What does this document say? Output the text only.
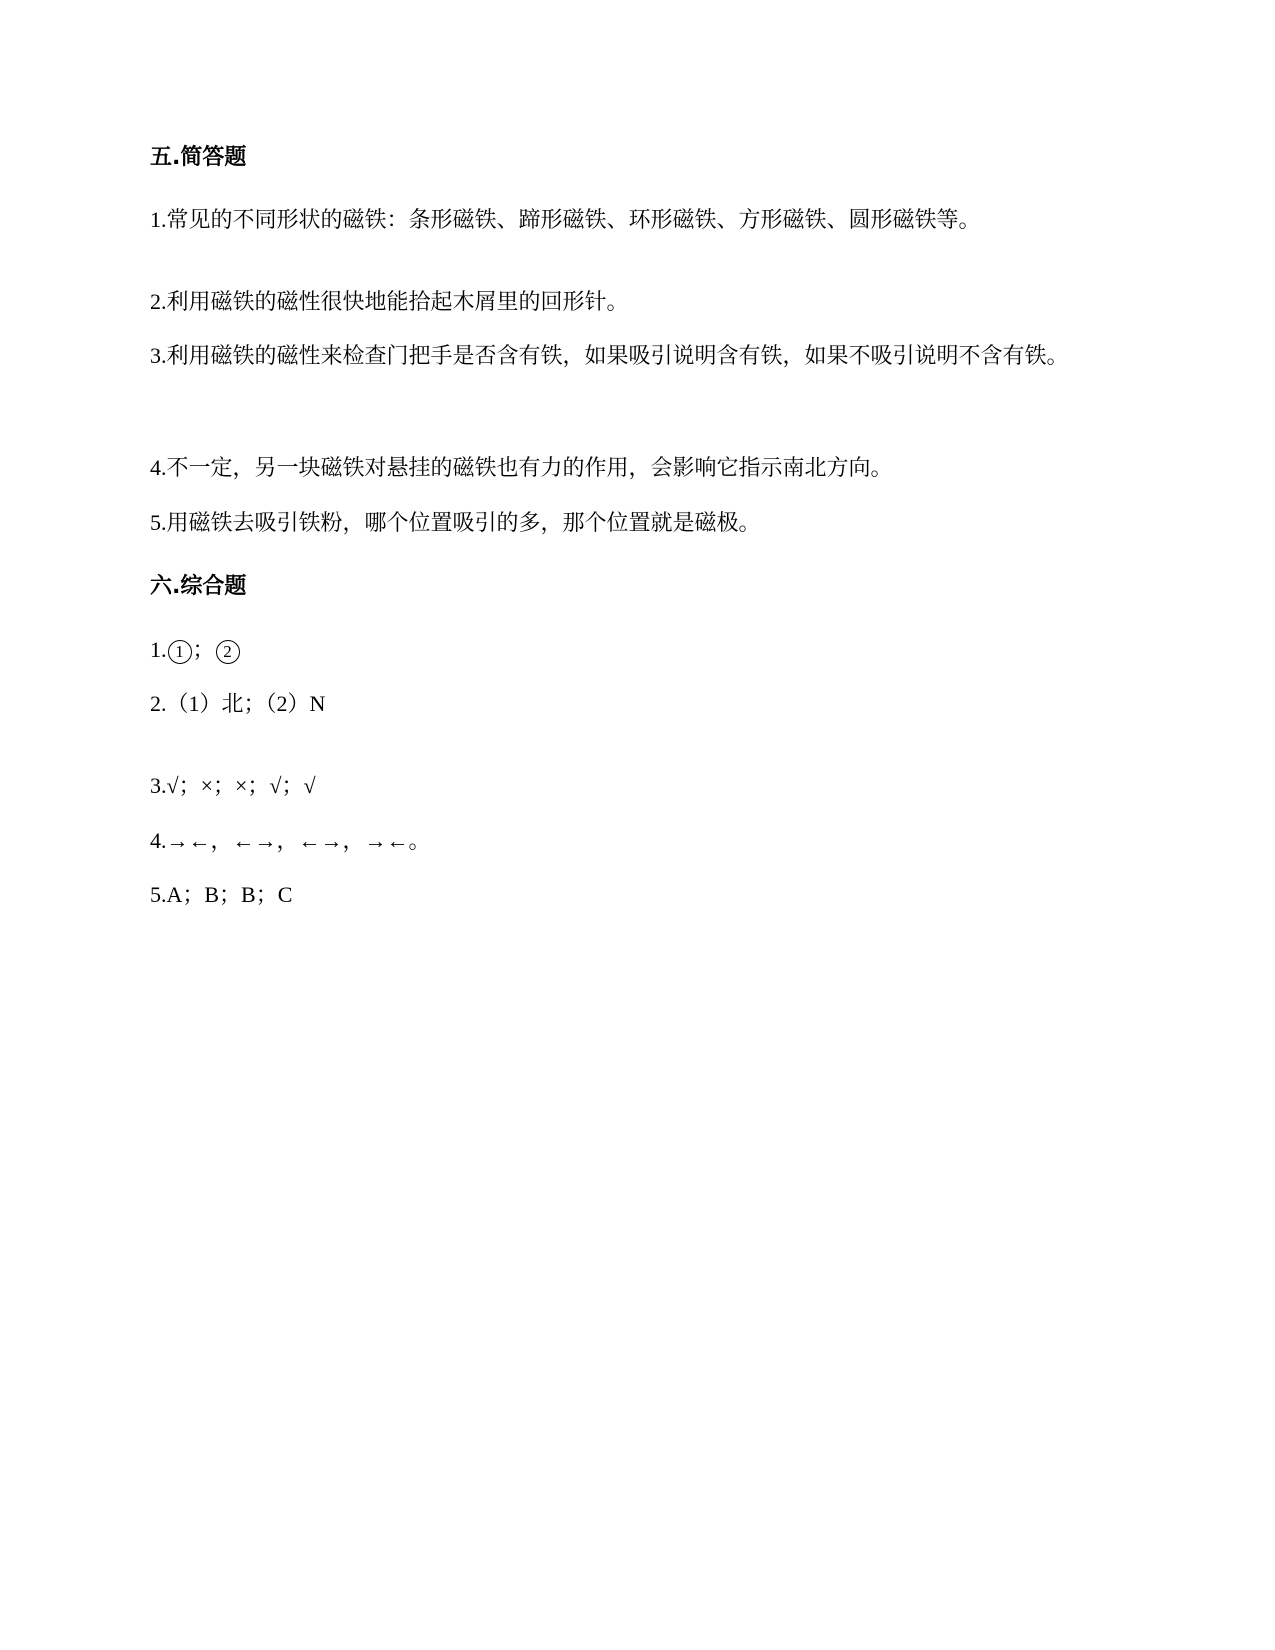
五.简答题
1.常见的不同形状的磁铁：条形磁铁、蹄形磁铁、环形磁铁、方形磁铁、圆形磁铁等。
2.利用磁铁的磁性很快地能拾起木屑里的回形针。
3.利用磁铁的磁性来检查门把手是否含有铁，如果吸引说明含有铁，如果不吸引说明不含有铁。
4.不一定，另一块磁铁对悬挂的磁铁也有力的作用，会影响它指示南北方向。
5.用磁铁去吸引铁粉，哪个位置吸引的多，那个位置就是磁极。
六.综合题
1. 1 ； 2
2.（1）北；（2）N
3.√；×；×；√；√
4.→←，←→，←→，→←。
5.A；B；B；C
